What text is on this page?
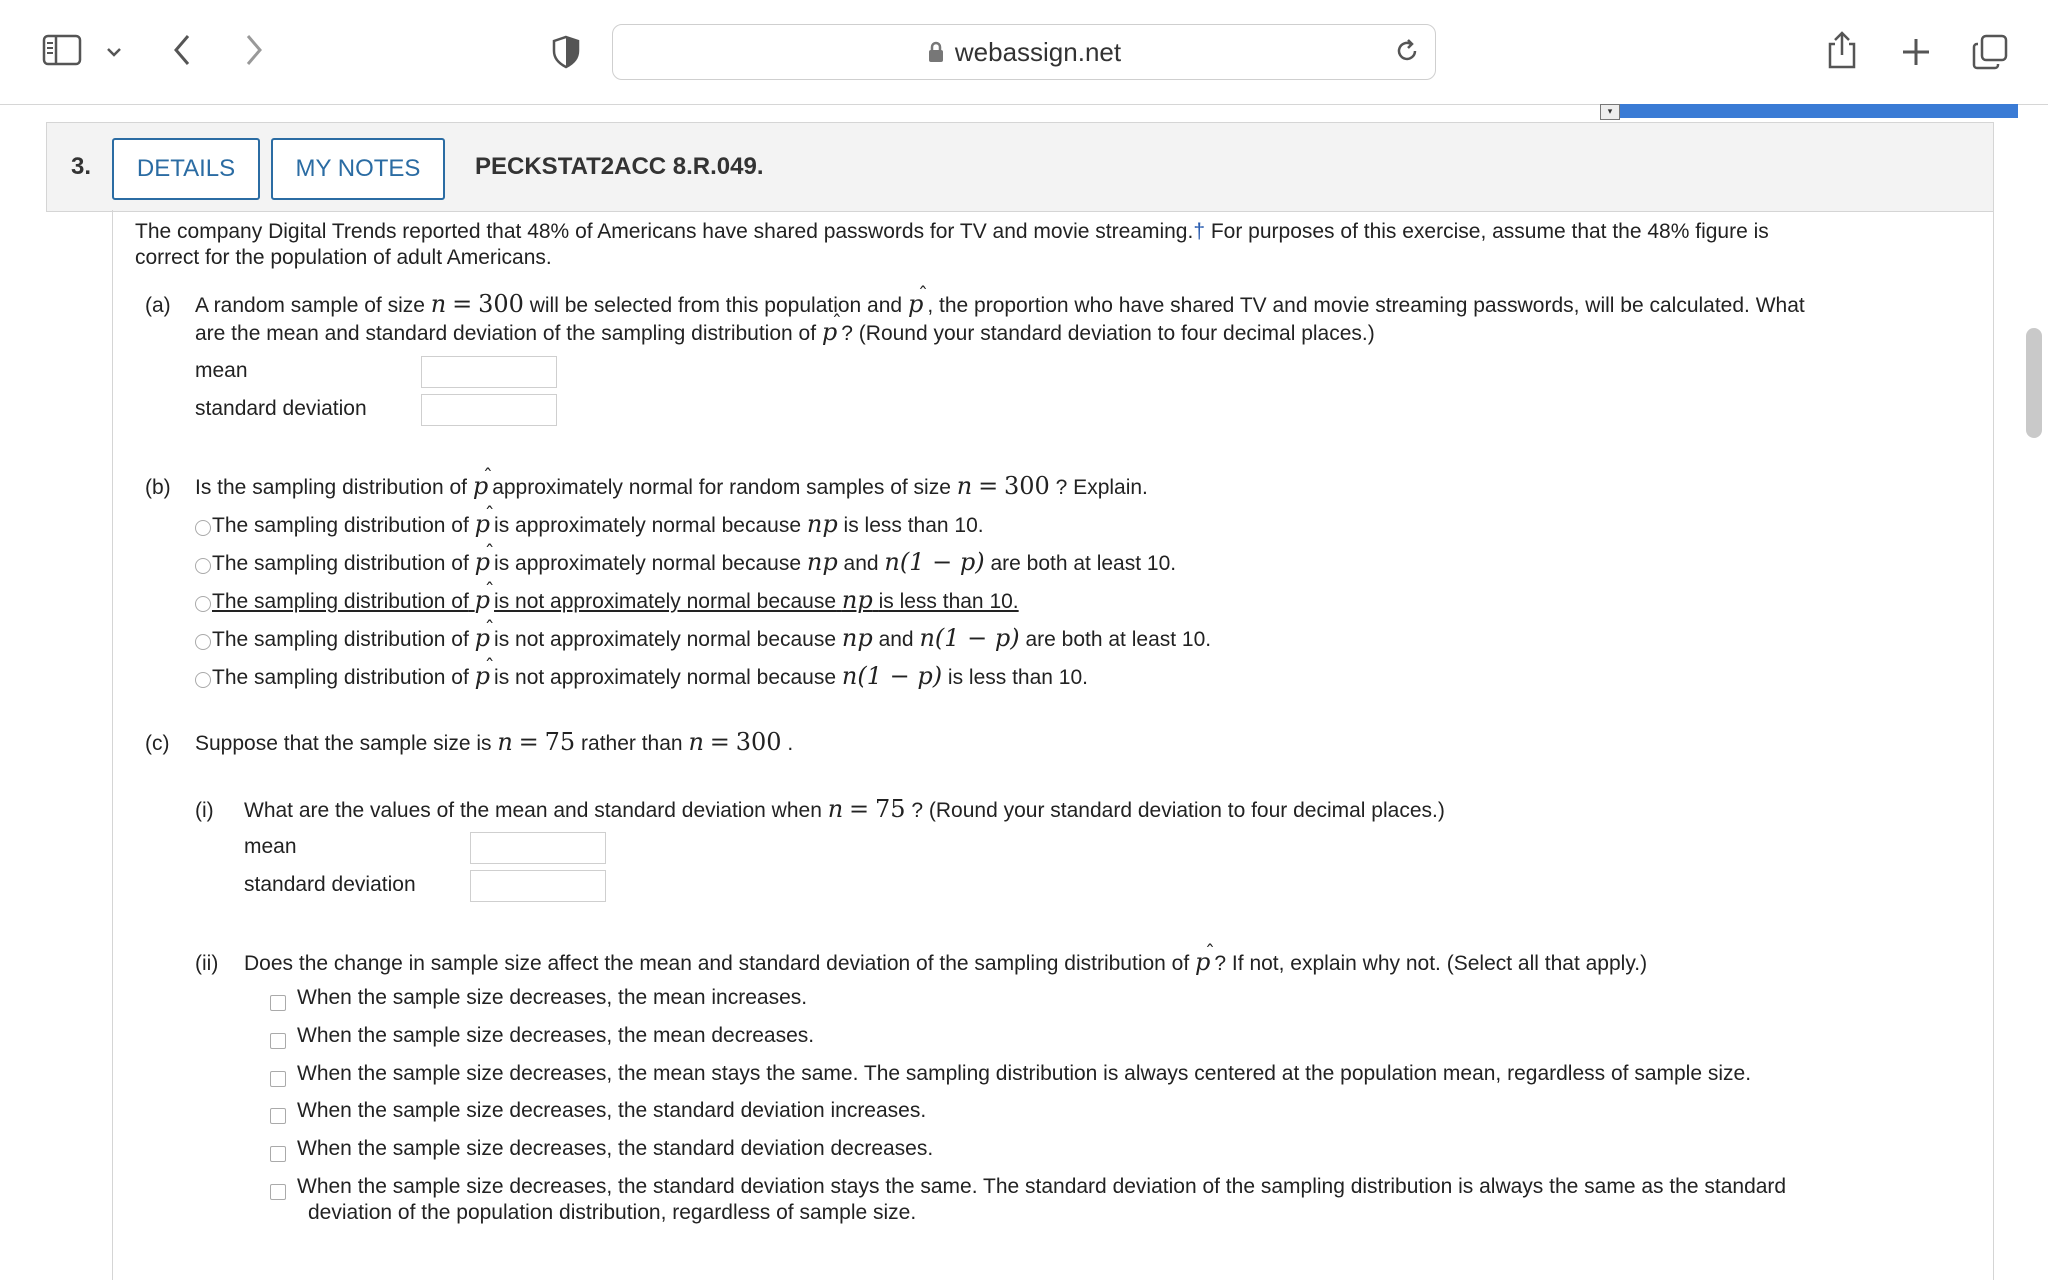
webassign.net
▾
3.	DETAILS	MY NOTES	PECKSTAT2ACC 8.R.049.
The company Digital Trends reported that 48% of Americans have shared passwords for TV and movie streaming.† For purposes of this exercise, assume that the 48% figure is
correct for the population of adult Americans.
(a) A random sample of size n = 300 will be selected from this population and p ˆ , the proportion who have shared TV and movie streaming passwords, will be calculated. What
are the mean and standard deviation of the sampling distribution of p ˆ ? (Round your standard deviation to four decimal places.)
mean
standard deviation
(b) Is the sampling distribution of p ˆ approximately normal for random samples of size n = 300 ? Explain.
The sampling distribution of p ˆ is approximately normal because np is less than 10.
The sampling distribution of p ˆ is approximately normal because np and n(1 − p) are both at least 10.
The sampling distribution of p ˆ is not approximately normal because np is less than 10.
The sampling distribution of p ˆ is not approximately normal because np and n(1 − p) are both at least 10.
The sampling distribution of p ˆ is not approximately normal because n(1 − p) is less than 10.
(c) Suppose that the sample size is n = 75 rather than n = 300 .
(i) What are the values of the mean and standard deviation when n = 75 ? (Round your standard deviation to four decimal places.)
mean
standard deviation
(ii) Does the change in sample size affect the mean and standard deviation of the sampling distribution of p ˆ ? If not, explain why not. (Select all that apply.)
When the sample size decreases, the mean increases.
When the sample size decreases, the mean decreases.
When the sample size decreases, the mean stays the same. The sampling distribution is always centered at the population mean, regardless of sample size.
When the sample size decreases, the standard deviation increases.
When the sample size decreases, the standard deviation decreases.
When the sample size decreases, the standard deviation stays the same. The standard deviation of the sampling distribution is always the same as the standard
deviation of the population distribution, regardless of sample size.
